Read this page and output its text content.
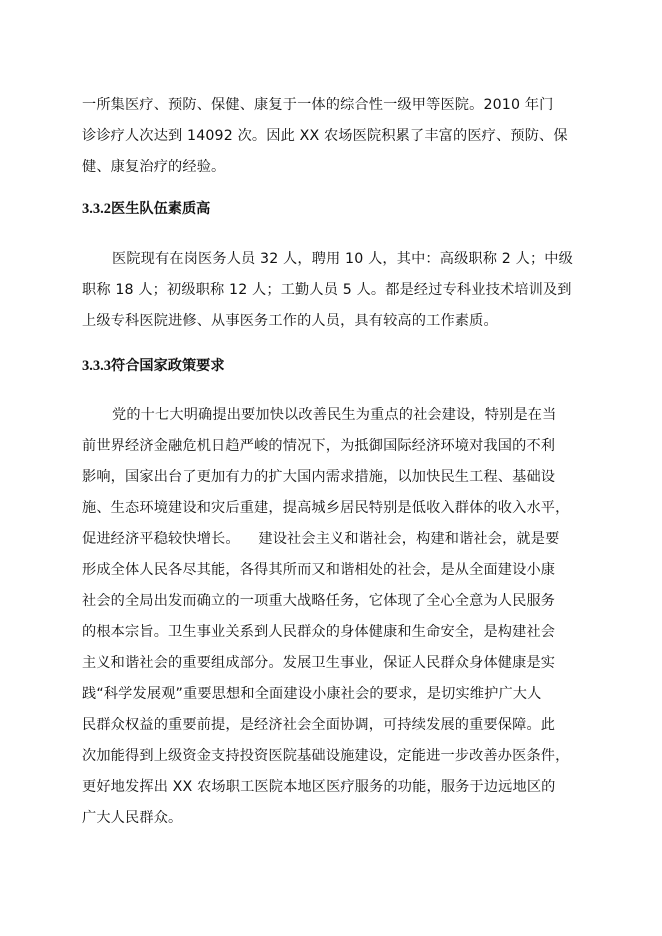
一所集医疗、预防、保健、康复于一体的综合性一级甲等医院。2010 年门
诊诊疗人次达到 14092 次。因此 XX 农场医院积累了丰富的医疗、预防、保
健、康复治疗的经验。
3.3.2医生队伍素质高
医院现有在岗医务人员 32 人，聘用 10 人，其中：高级职称 2 人；中级
职称 18 人；初级职称 12 人；工勤人员 5 人。都是经过专科业技术培训及到
上级专科医院进修、从事医务工作的人员，具有较高的工作素质。
3.3.3符合国家政策要求
党的十七大明确提出要加快以改善民生为重点的社会建设，特别是在当
前世界经济金融危机日趋严峻的情况下，为抵御国际经济环境对我国的不利
影响，国家出台了更加有力的扩大国内需求措施，以加快民生工程、基础设
施、生态环境建设和灾后重建，提高城乡居民特别是低收入群体的收入水平，
促进经济平稳较快增长。    建设社会主义和谐社会，构建和谐社会，就是要
形成全体人民各尽其能，各得其所而又和谐相处的社会，是从全面建设小康
社会的全局出发而确立的一项重大战略任务，它体现了全心全意为人民服务
的根本宗旨。卫生事业关系到人民群众的身体健康和生命安全，是构建社会
主义和谐社会的重要组成部分。发展卫生事业，保证人民群众身体健康是实
践“科学发展观”重要思想和全面建设小康社会的要求，是切实维护广大人
民群众权益的重要前提，是经济社会全面协调，可持续发展的重要保障。此
次加能得到上级资金支持投资医院基础设施建设，定能进一步改善办医条件，
更好地发挥出 XX 农场职工医院本地区医疗服务的功能，服务于边远地区的
广大人民群众。
